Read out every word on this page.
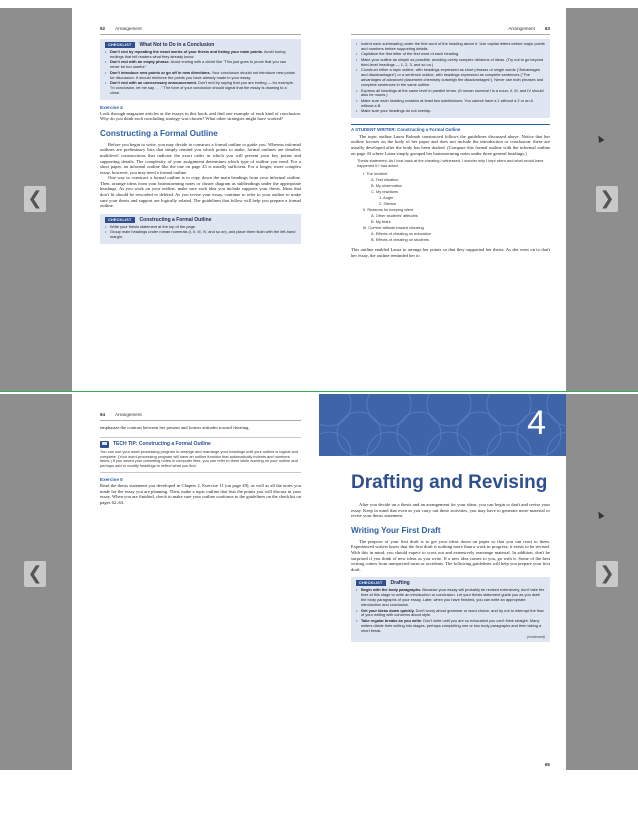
❮	❯
❮	❯
62 Arrangement
CHECKLIST	What Not to Do in a Conclusion
• Don't end by repeating the exact words of your thesis and listing your main points. Avoid boring endings that tell readers what they already know.
• Don't end with an empty phrase. Avoid ending with a cliché like "This just goes to prove that you can never be too careful."
• Don't introduce new points or go off in new directions. Your conclusion should not introduce new points for discussion. It should reinforce the points you have already made in your essay.
• Don't end with an unnecessary announcement. Don't end by saying that you are ending — for example, "In conclusion, let me say. . . ." The tone of your conclusion should signal that the essay is drawing to a close.
Exercise 4

Look through magazine articles or the essays in this book, and find one example of each kind of conclusion. Why do you think each concluding strategy was chosen? What other strategies might have worked?

Constructing a Formal Outline

Before you begin to write, you may decide to construct a formal outline to guide you. Whereas informal outlines are preliminary lists that simply remind you which points to make, formal outlines are detailed, multilevel constructions that indicate the exact order in which you will present your key points and supporting details. The complexity of your assignment determines which type of outline you need. For a short paper, an informal outline like the one on page 43 is usually sufficient. For a longer, more complex essay, however, you may need a formal outline.

One way to construct a formal outline is to copy down the main headings from your informal outline. Then, arrange ideas from your brainstorming notes or cluster diagram as subheadings under the appropriate headings. As you work on your outline, make sure each idea you include supports your thesis. Ideas that don't fit should be reworded or deleted. As you revise your essay, continue to refer to your outline to make sure your thesis and support are logically related. The guidelines that follow will help you prepare a formal outline.

CHECKLIST	Constructing a Formal Outline
• Write your thesis statement at the top of the page.
• Group main headings under roman numerals (I, II, III, IV, and so on), and place them flush with the left-hand margin.
Arrangement 63
• Indent each subheading under the first word of the heading above it. Use capital letters before major points and numbers before supporting details.
• Capitalize the first letter of the first word of each heading.
• Make your outline as simple as possible, avoiding overly complex divisions of ideas. (Try not to go beyond third-level headings — 1, 2, 3, and so on.)
• Construct either a topic outline, with headings expressed as short phrases or single words ("Advantages and disadvantages") or a sentence outline, with headings expressed as complete sentences ("The advantages of advanced placement chemistry outweigh the disadvantages"). Never use both phrases and complete sentences in the same outline.
• Express all headings at the same level in parallel terms. (If roman numeral I is a noun, II, III, and IV should also be nouns.)
• Make sure each heading contains at least two subdivisions. You cannot have a 1 without a 2 or an A without a B.
• Make sure your headings do not overlap.
A STUDENT WRITER: Constructing a Formal Outline

The topic outline Laura Bobnak constructed follows the guidelines discussed above. Notice that her outline focuses on the body of her paper and does not include the introduction or conclusion: these are usually developed after the body has been drafted. (Compare this formal outline with the informal outline on page 43 where Laura simply grouped her brainstorming notes under three general headings.)

Thesis statement: As I look back at the cheating I witnessed, I wonder why I kept silent and what would have happened if I had acted.
I. The incident
A. Test situation
B. My observation
C. My reactions
1. Anger
2. Silence
II. Reasons for keeping silent
A. Other students' attitudes
B. My fears
III. Current attitude toward cheating
A. Effects of cheating on education
B. Effects of cheating on students

This outline enabled Laura to arrange her points so that they supported her thesis. As she went on to draft her essay, the outline reminded her to

64 Arrangement

emphasize the contrast between her present and former attitudes toward cheating.

TECH TIP: Constructing a Formal Outline
You can use your word-processing program to arrange and rearrange your headings until your outline is logical and complete. (Your word-processing program will have an outline function that automatically indents and numbers items.) If you saved your prewriting notes in computer files, you can refer to them while working on your outline and perhaps add or modify headings to reflect what you find.
Exercise 5

Read the thesis statement you developed in Chapter 2, Exercise 11 (on page 49), as well as all the notes you made for the essay you are planning. Then, make a topic outline that lists the points you will discuss in your essay. When you are finished, check to make sure your outline conforms to the guidelines on the checklist on pages 62–63.

4
Drafting and Revising

After you decide on a thesis and an arrangement for your ideas, you can begin to draft and revise your essay. Keep in mind that even as you carry out these activities, you may have to generate more material or revise your thesis statement.

Writing Your First Draft

The purpose of your first draft is to get your ideas down on paper so that you can react to them. Experienced writers know that the first draft is nothing more than a work in progress; it exists to be revised. With this in mind, you should expect to cross out and extensively rearrange material. In addition, don't be surprised if you think of new ideas as you write. If a new idea comes to you, go with it. Some of the best writing comes from unexpected turns or accidents. The following guidelines will help you prepare your first draft.

CHECKLIST	Drafting
• Begin with the body paragraphs. Because your essay will probably be revised extensively, don't take the time at this stage to write an introduction or conclusion. Let your thesis statement guide you as you draft the body paragraphs of your essay. Later, when you have finished, you can write an appropriate introduction and conclusion.
• Get your ideas down quickly. Don't worry about grammar or word choice, and try not to interrupt the flow of your writing with concerns about style.
• Take regular breaks as you write. Don't write until you are so exhausted you can't think straight. Many writers divide their writing into stages, perhaps completing one or two body paragraphs and then taking a short break.
(continued)
65
